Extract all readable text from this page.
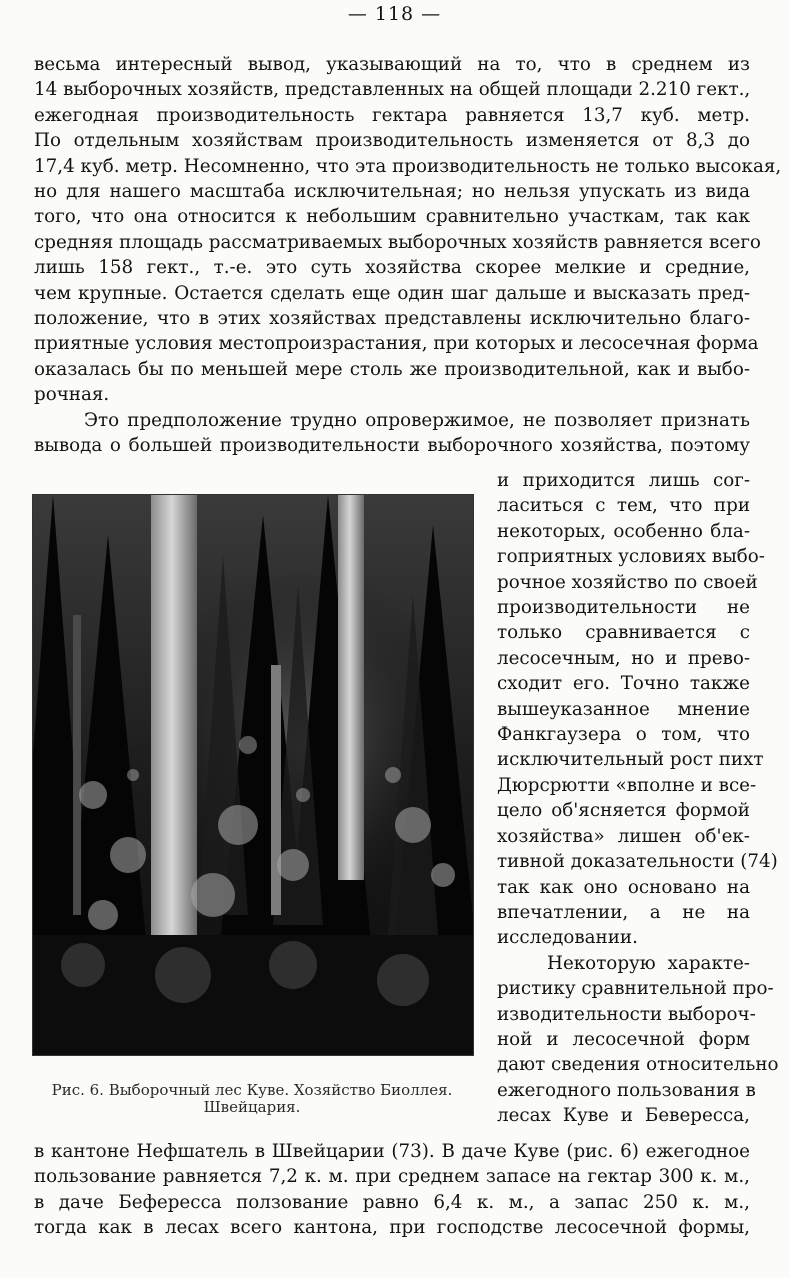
— 118 —
весьма интересный вывод, указывающий на то, что в среднем из
14 выборочных хозяйств, представленных на общей площади 2.210 гект.,
ежегодная производительность гектара равняется 13,7 куб. метр.
По отдельным хозяйствам производительность изменяется от 8,3 до
17,4 куб. метр. Несомненно, что эта производительность не только высокая,
но для нашего масштаба исключительная; но нельзя упускать из вида
того, что она относится к небольшим сравнительно участкам, так как
средняя площадь рассматриваемых выборочных хозяйств равняется всего
лишь 158 гект., т.-е. это суть хозяйства скорее мелкие и средние,
чем крупные. Остается сделать еще один шаг дальше и высказать пред-
положение, что в этих хозяйствах представлены исключительно благо-
приятные условия местопроизрастания, при которых и лесосечная форма
оказалась бы по меньшей мере столь же производительной, как и выбо-
рочная.
Это предположение трудно опровержимое, не позволяет признать
вывода о большей производительности выборочного хозяйства, поэтому
Рис. 6. Выборочный лес Куве. Хозяйство Биоллея.
Швейцария.
и приходится лишь сог-
ласиться с тем, что при
некоторых, особенно бла-
гоприятных условиях выбо-
рочное хозяйство по своей
производительности не
только сравнивается с
лесосечным, но и прево-
сходит его. Точно также
вышеуказанное мнение
Фанкгаузера о том, что
исключительный рост пихт
Дюрсрютти «вполне и все-
цело об'ясняется формой
хозяйства» лишен об'ек-
тивной доказательности (74)
так как оно основано на
впечатлении, а не на
исследовании.
Некоторую характе-
ристику сравнительной про-
изводительности выбороч-
ной и лесосечной форм
дают сведения относительно
ежегодного пользования в
лесах Куве и Бевересса,
в кантоне Нефшатель в Швейцарии (73). В даче Куве (рис. 6) ежегодное
пользование равняется 7,2 к. м. при среднем запасе на гектар 300 к. м.,
в даче Бефересса ползование равно 6,4 к. м., а запас 250 к. м.,
тогда как в лесах всего кантона, при господстве лесосечной формы,
